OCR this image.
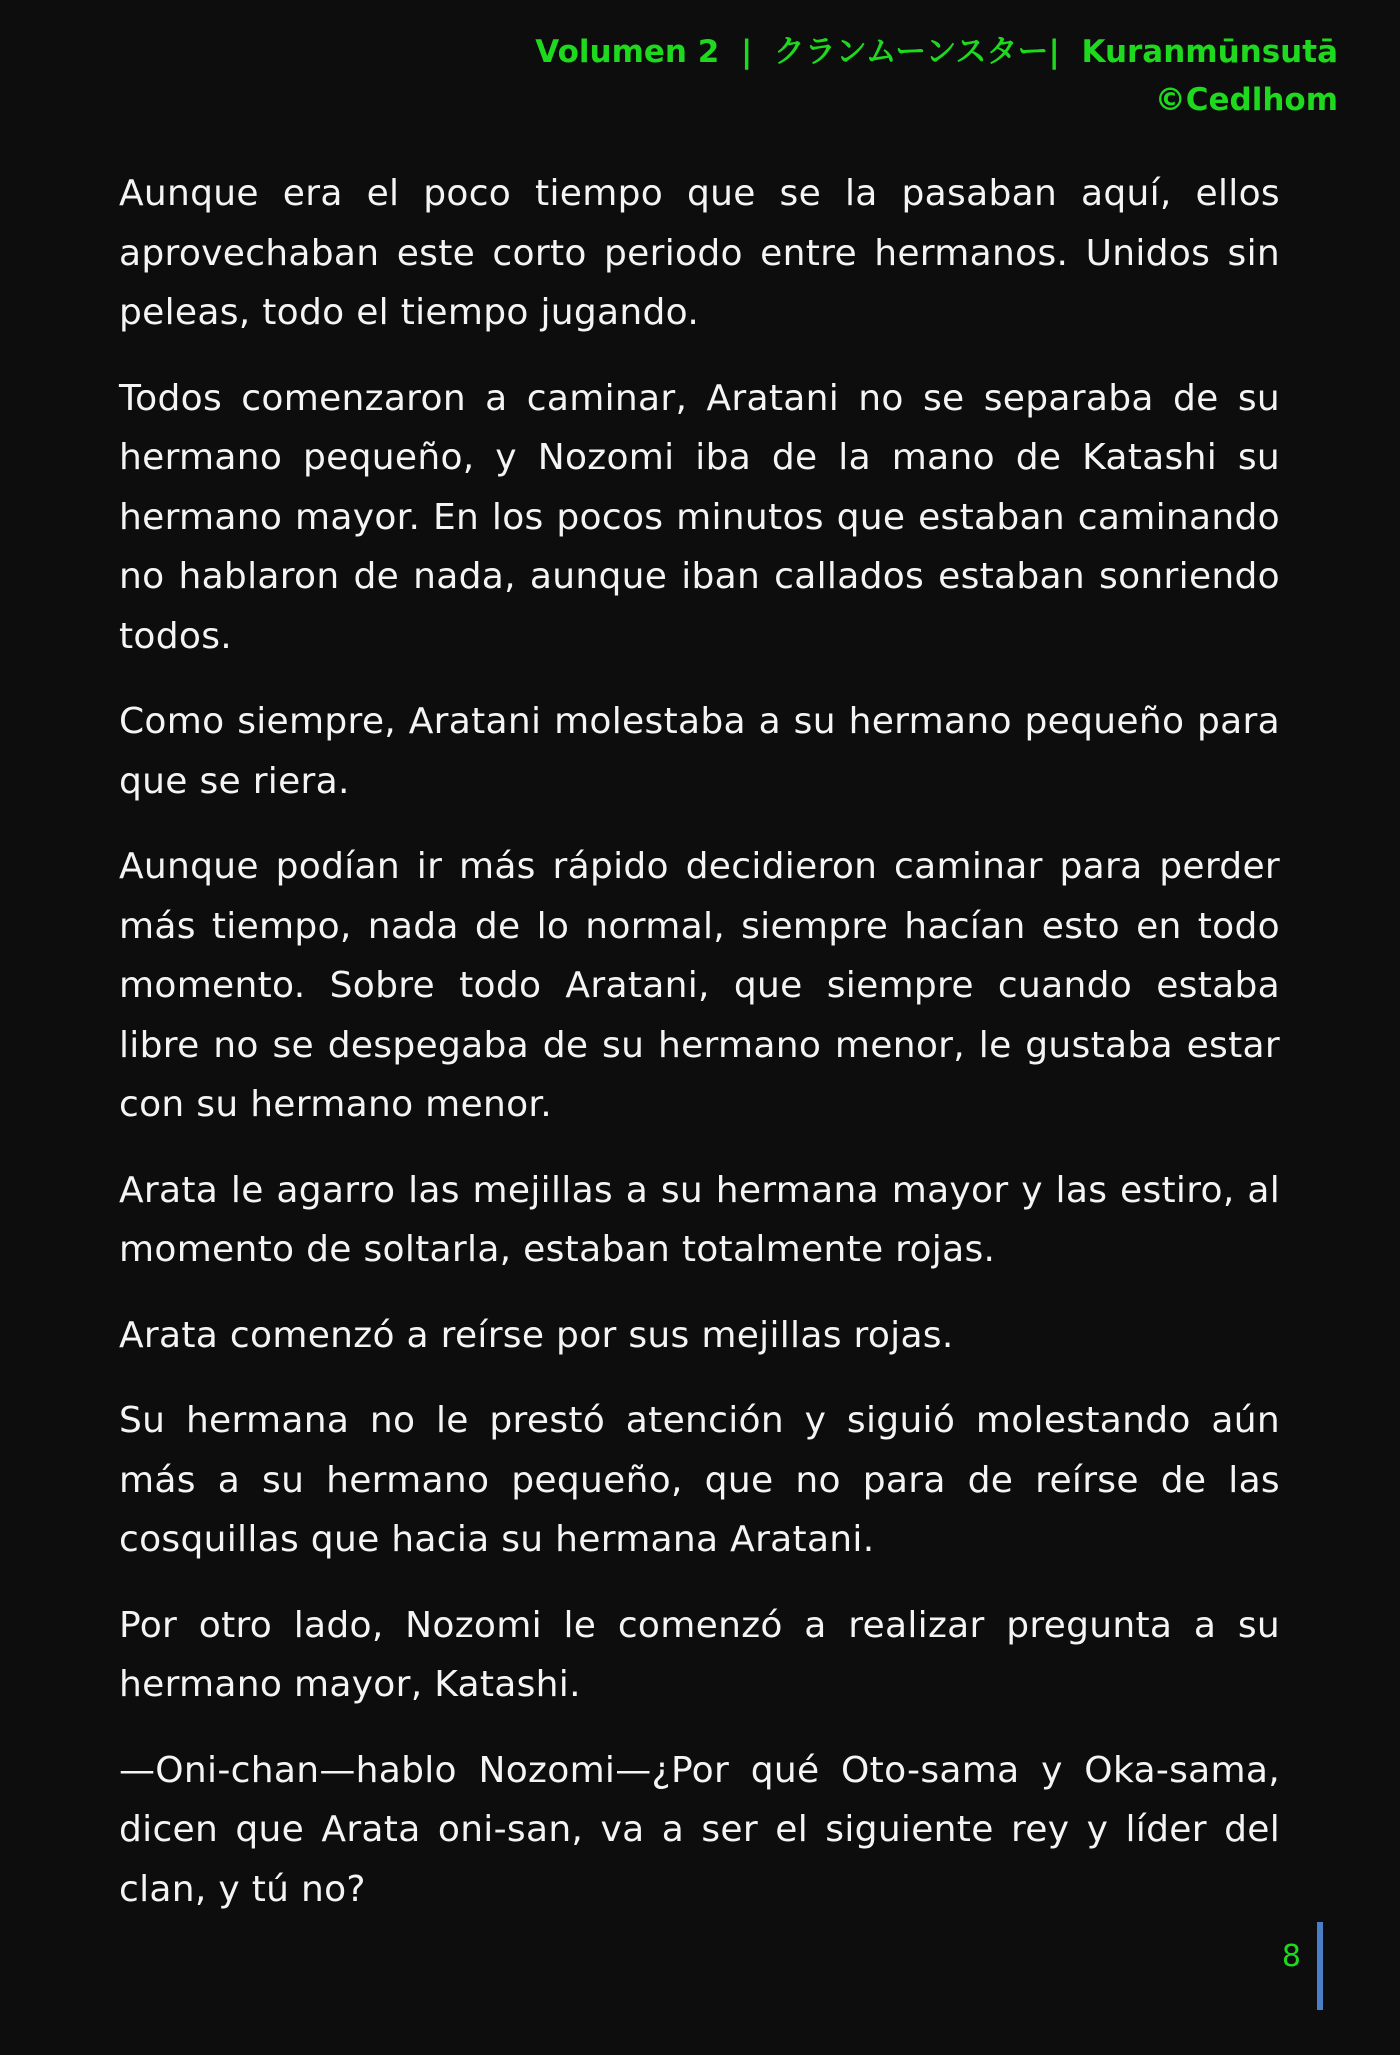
Volumen 2 | クランムーンスター| Kuranmūnsutā
©Cedlhom

Aunque era el poco tiempo que se la pasaban aquí, ellos aprovechaban este corto periodo entre hermanos. Unidos sin peleas, todo el tiempo jugando.

Todos comenzaron a caminar, Aratani no se separaba de su hermano pequeño, y Nozomi iba de la mano de Katashi su hermano mayor. En los pocos minutos que estaban caminando no hablaron de nada, aunque iban callados estaban sonriendo todos.

Como siempre, Aratani molestaba a su hermano pequeño para que se riera.

Aunque podían ir más rápido decidieron caminar para perder más tiempo, nada de lo normal, siempre hacían esto en todo momento. Sobre todo Aratani, que siempre cuando estaba libre no se despegaba de su hermano menor, le gustaba estar con su hermano menor.

Arata le agarro las mejillas a su hermana mayor y las estiro, al momento de soltarla, estaban totalmente rojas.

Arata comenzó a reírse por sus mejillas rojas.

Su hermana no le prestó atención y siguió molestando aún más a su hermano pequeño, que no para de reírse de las cosquillas que hacia su hermana Aratani.

Por otro lado, Nozomi le comenzó a realizar pregunta a su hermano mayor, Katashi.

—Oni-chan—hablo Nozomi—¿Por qué Oto-sama y Oka-sama, dicen que Arata oni-san, va a ser el siguiente rey y líder del clan, y tú no?

8
